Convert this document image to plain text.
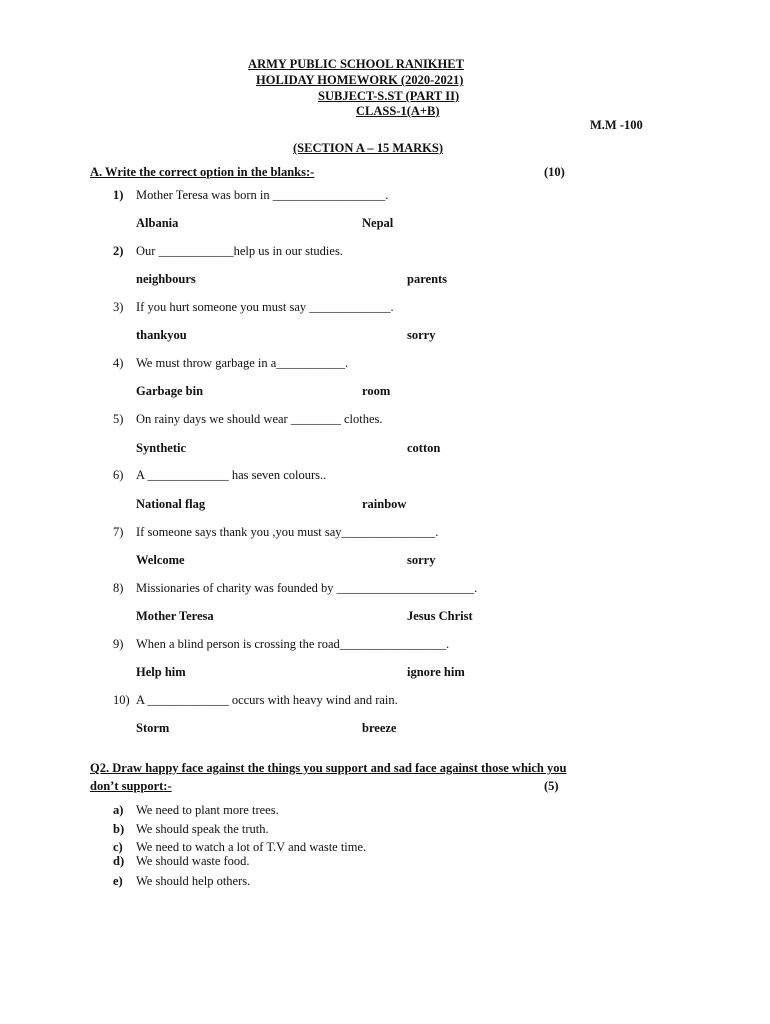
ARMY PUBLIC SCHOOL RANIKHET
HOLIDAY HOMEWORK (2020-2021)
SUBJECT-S.ST (PART II)
CLASS-1(A+B)
M.M -100
(SECTION A – 15 MARKS)
A. Write the correct option in the blanks:-	(10)
1) Mother Teresa was born in __________________.
Albania	Nepal
2) Our ____________help us in our studies.
neighbours	parents
3) If you hurt someone you must say _____________.
thankyou	sorry
4) We must throw garbage in a___________.
Garbage bin	room
5) On rainy days we should wear ________ clothes.
Synthetic	cotton
6) A _____________ has seven colours..
National flag	rainbow
7) If someone says thank you ,you must say_______________.
Welcome	sorry
8) Missionaries of charity was founded by ______________________.
Mother Teresa	Jesus Christ
9) When a blind person is crossing the road_________________.
Help him	ignore him
10) A _____________ occurs with heavy wind and rain.
Storm	breeze
Q2. Draw happy face against the things you support and sad face against those which you
don’t support:-	(5)
a) We need to plant more trees.
b) We should speak the truth.
c) We need to watch a lot of T.V and waste time.
d) We should waste food.
e) We should help others.
